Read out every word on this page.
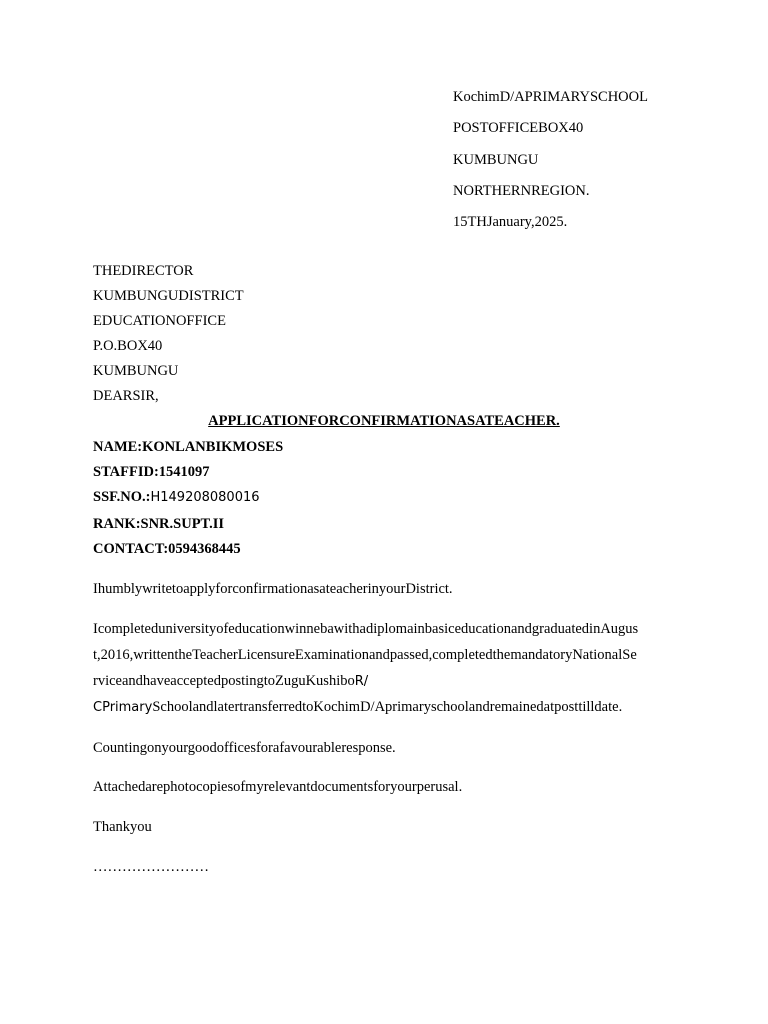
KochimD/APRIMARYSCHOOL
POSTOFFICEBOX40
KUMBUNGU
NORTHERNREGION.
15THJanuary,2025.
THEDIRECTOR
KUMBUNGUDISTRICT
EDUCATIONOFFICE
P.O.BOX40
KUMBUNGU
DEARSIR,
APPLICATIONFORCONFIRMATIONASATEACHER.
NAME:KONLANBIKMOSES
STAFFID:1541097
SSF.NO.:H149208080016
RANK:SNR.SUPT.II
CONTACT:0594368445
IhumblywritetoapplyforconfirmationasateacherinyourDistrict.
IcompleteduniversityofeducationwinnebawithadiplomainbasiceducationandgraduatedinAugus
t,2016,writtentheTeacherLicensureExaminationandpassed,completedthemandatoryNationalSe
rviceandhaveacceptedpostingtoZuguKushiboR/
CPrimarySchoolandlatertransferredtoKochimD/Aprimaryschoolandremainedatposttilldate.
Countingonyourgoodofficesforafavourableresponse.
Attachedarephotocopiesofmyrelevantdocumentsforyourperusal.
Thankyou
……………………
